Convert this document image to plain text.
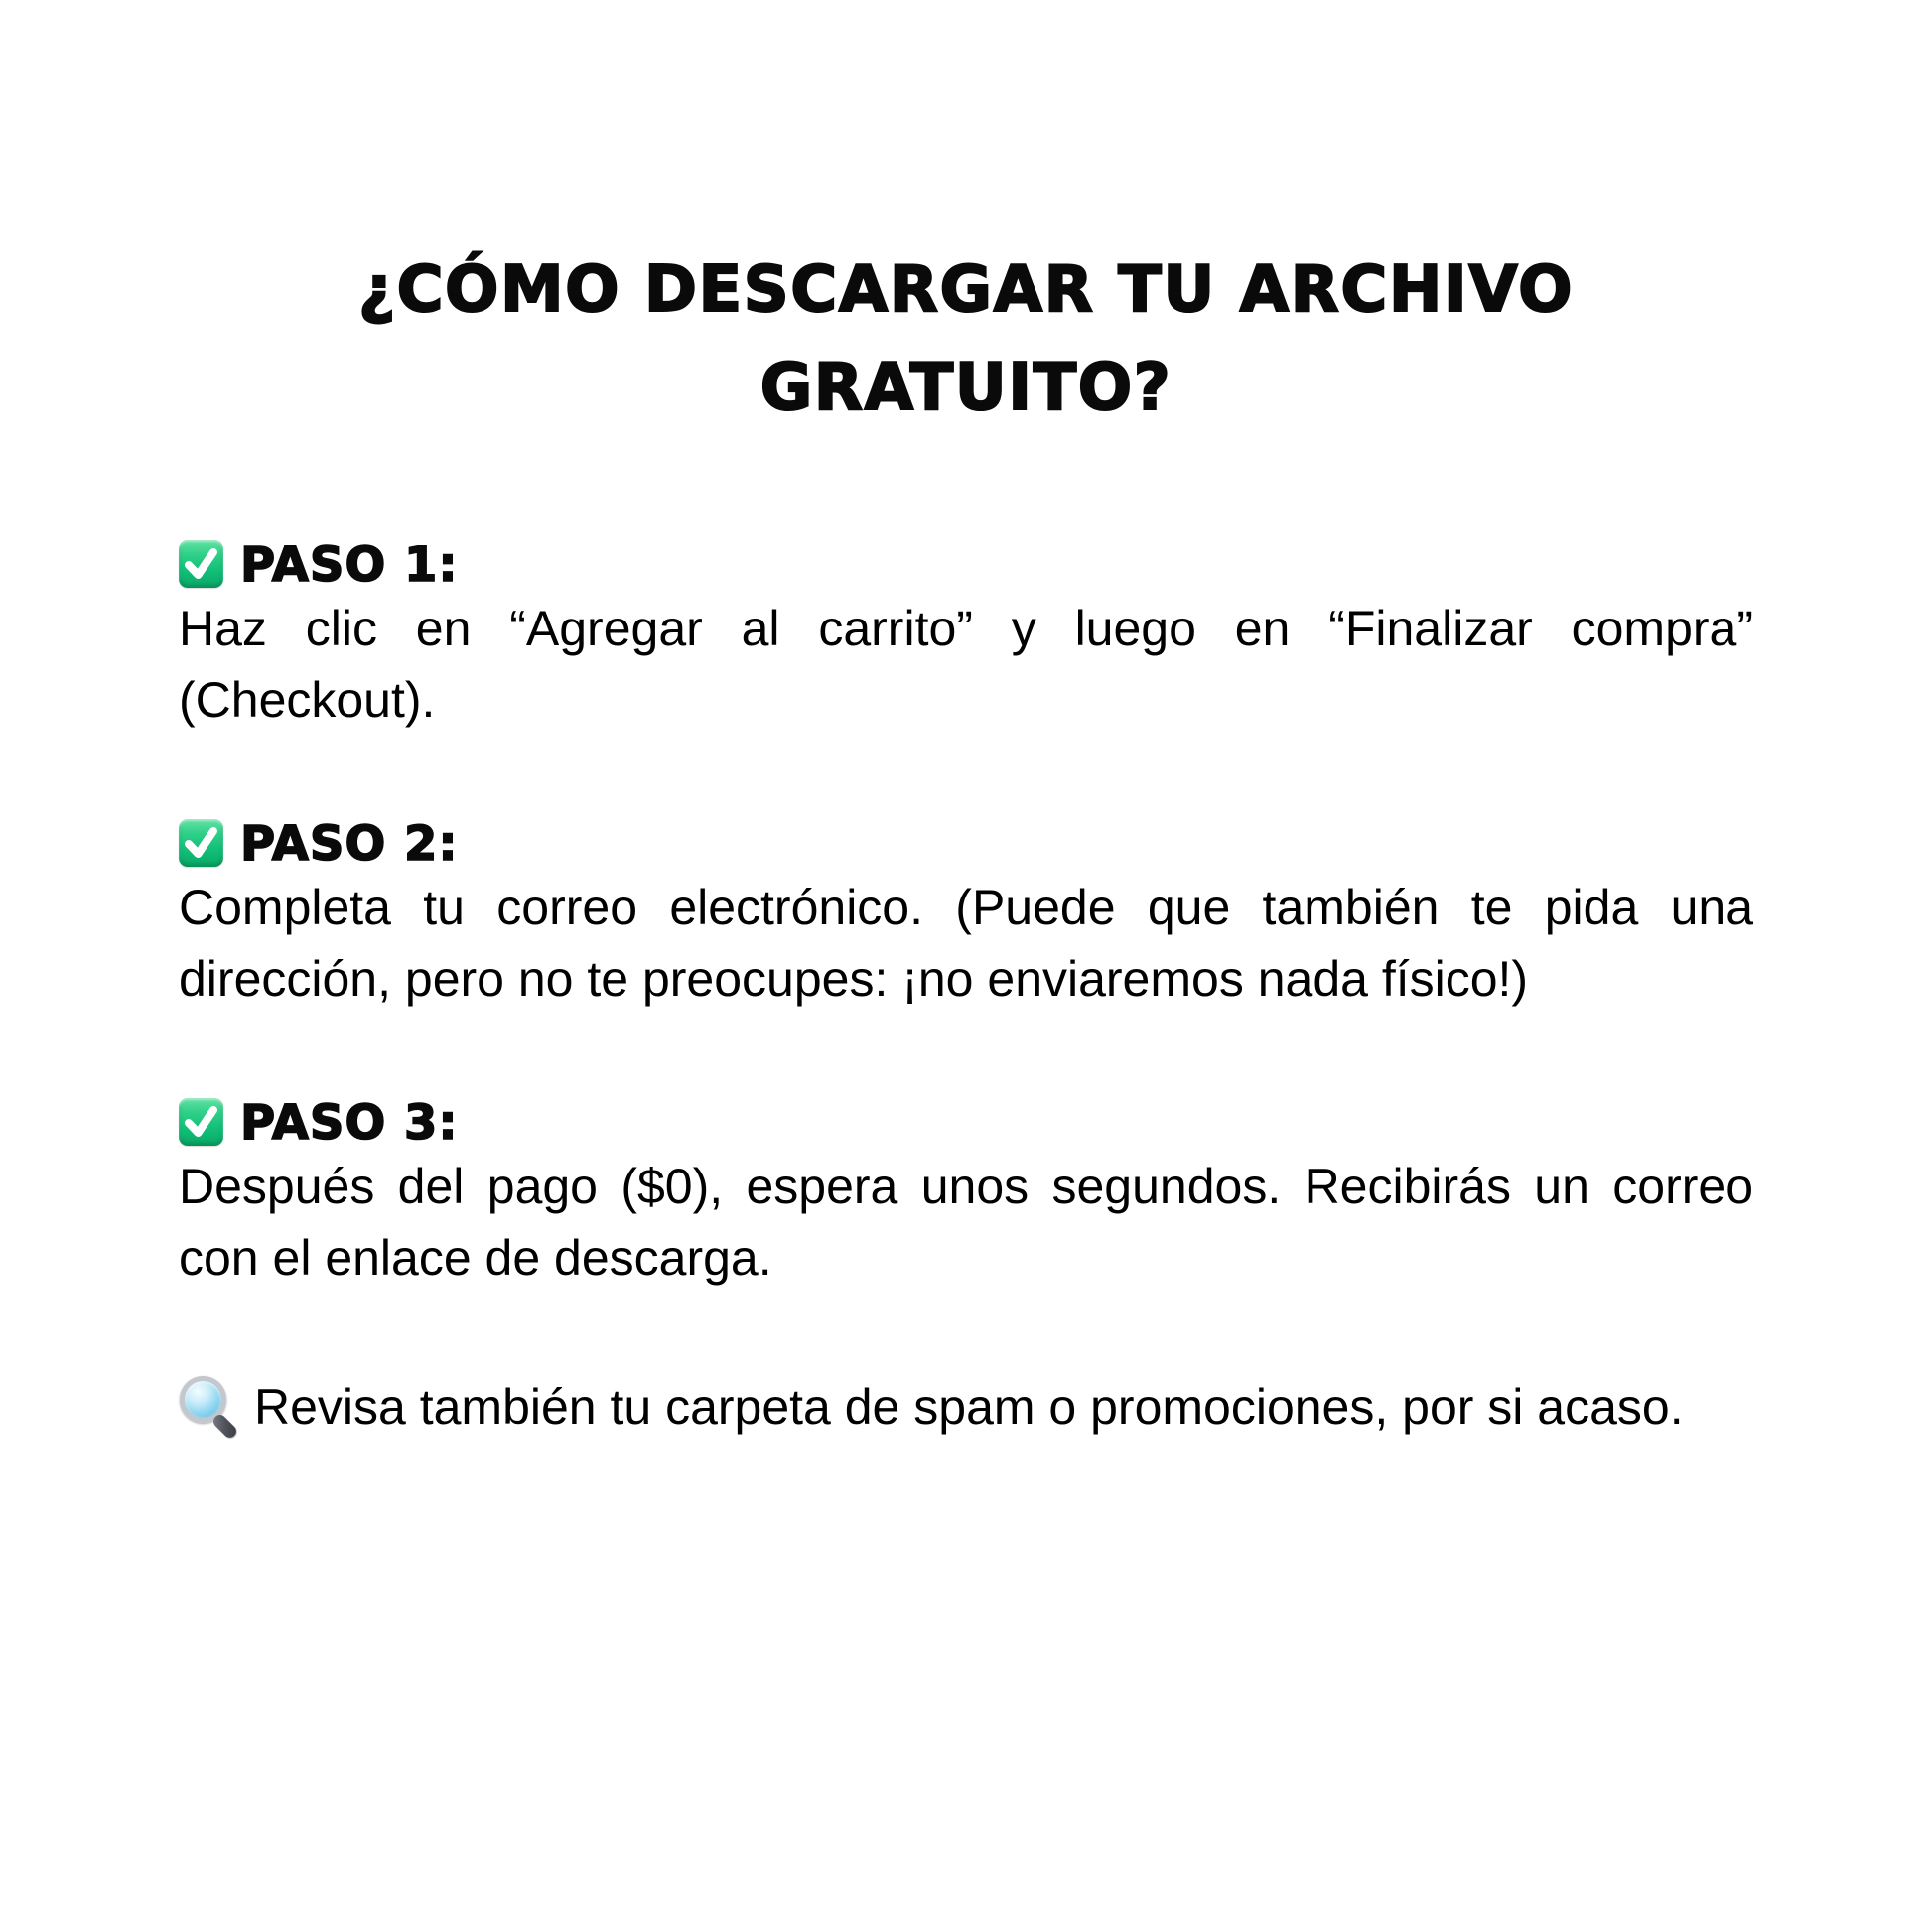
¿CÓMO DESCARGAR TU ARCHIVO
GRATUITO?
PASO 1:

Haz clic en “Agregar al carrito” y luego en “Finalizar compra” (Checkout).

PASO 2:

Completa tu correo electrónico. (Puede que también te pida una dirección, pero no te preocupes: ¡no enviaremos nada físico!)

PASO 3:

Después del pago ($0), espera unos segundos. Recibirás un correo con el enlace de descarga.

Revisa también tu carpeta de spam o promociones, por si acaso.
